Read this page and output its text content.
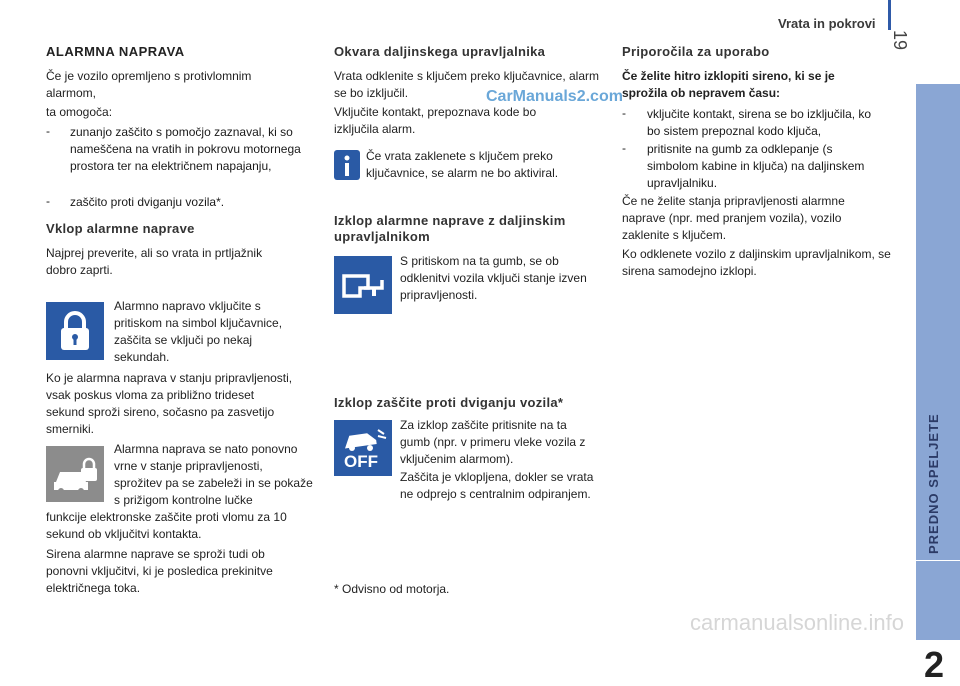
Vrata in pokrovi
19
PREDNO SPELJETE
2
ALARMNA NAPRAVA

Če je vozilo opremljeno s protivlomnim alarmom,

ta omogoča:

- zunanjo zaščito s pomočjo zaznaval, ki so nameščena na vratih in pokrovu motornega prostora ter na električnem napajanju,

- zaščito proti dviganju vozila*.

Vklop alarmne naprave

Najprej preverite, ali so vrata in prtljažnik dobro zaprti.

Alarmno napravo vključite s pritiskom na simbol ključavnice, zaščita se vključi po nekaj sekundah.

Ko je alarmna naprava v stanju pripravljenosti, vsak poskus vloma za približno trideset sekund sproži sireno, sočasno pa zasvetijo smerniki.

Alarmna naprava se nato ponovno vrne v stanje pripravljenosti, sprožitev pa se zabeleži in se pokaže s prižigom kontrolne lučke

funkcije elektronske zaščite proti vlomu za 10 sekund ob vključitvi kontakta.

Sirena alarmne naprave se sproži tudi ob ponovni vključitvi, ki je posledica prekinitve električnega toka.

Okvara daljinskega upravljalnika

Vrata odklenite s ključem preko ključavnice, alarm se bo izključil.

Vključite kontakt, prepoznava kode bo izključila alarm.

CarManuals2.com

Če vrata zaklenete s ključem preko ključavnice, se alarm ne bo aktiviral.

Izklop alarmne naprave z daljinskim upravljalnikom

S pritiskom na ta gumb, se ob odklenitvi vozila vključi stanje izven pripravljenosti.

Izklop zaščite proti dviganju vozila*
OFF

Za izklop zaščite pritisnite na ta gumb (npr. v primeru vleke vozila z vključenim alarmom).

Zaščita je vklopljena, dokler se vrata ne odprejo s centralnim odpiranjem.

* Odvisno od motorja.

Priporočila za uporabo

Če želite hitro izklopiti sireno, ki se je sprožila ob nepravem času:

- vključite kontakt, sirena se bo izključila, ko bo sistem prepoznal kodo ključa,

- pritisnite na gumb za odklepanje (s simbolom kabine in ključa) na daljinskem upravljalniku.

Če ne želite stanja pripravljenosti alarmne naprave (npr. med pranjem vozila), vozilo zaklenite s ključem.

Ko odklenete vozilo z daljinskim upravljalnikom, se sirena samodejno izklopi.

carmanualsonline.info
